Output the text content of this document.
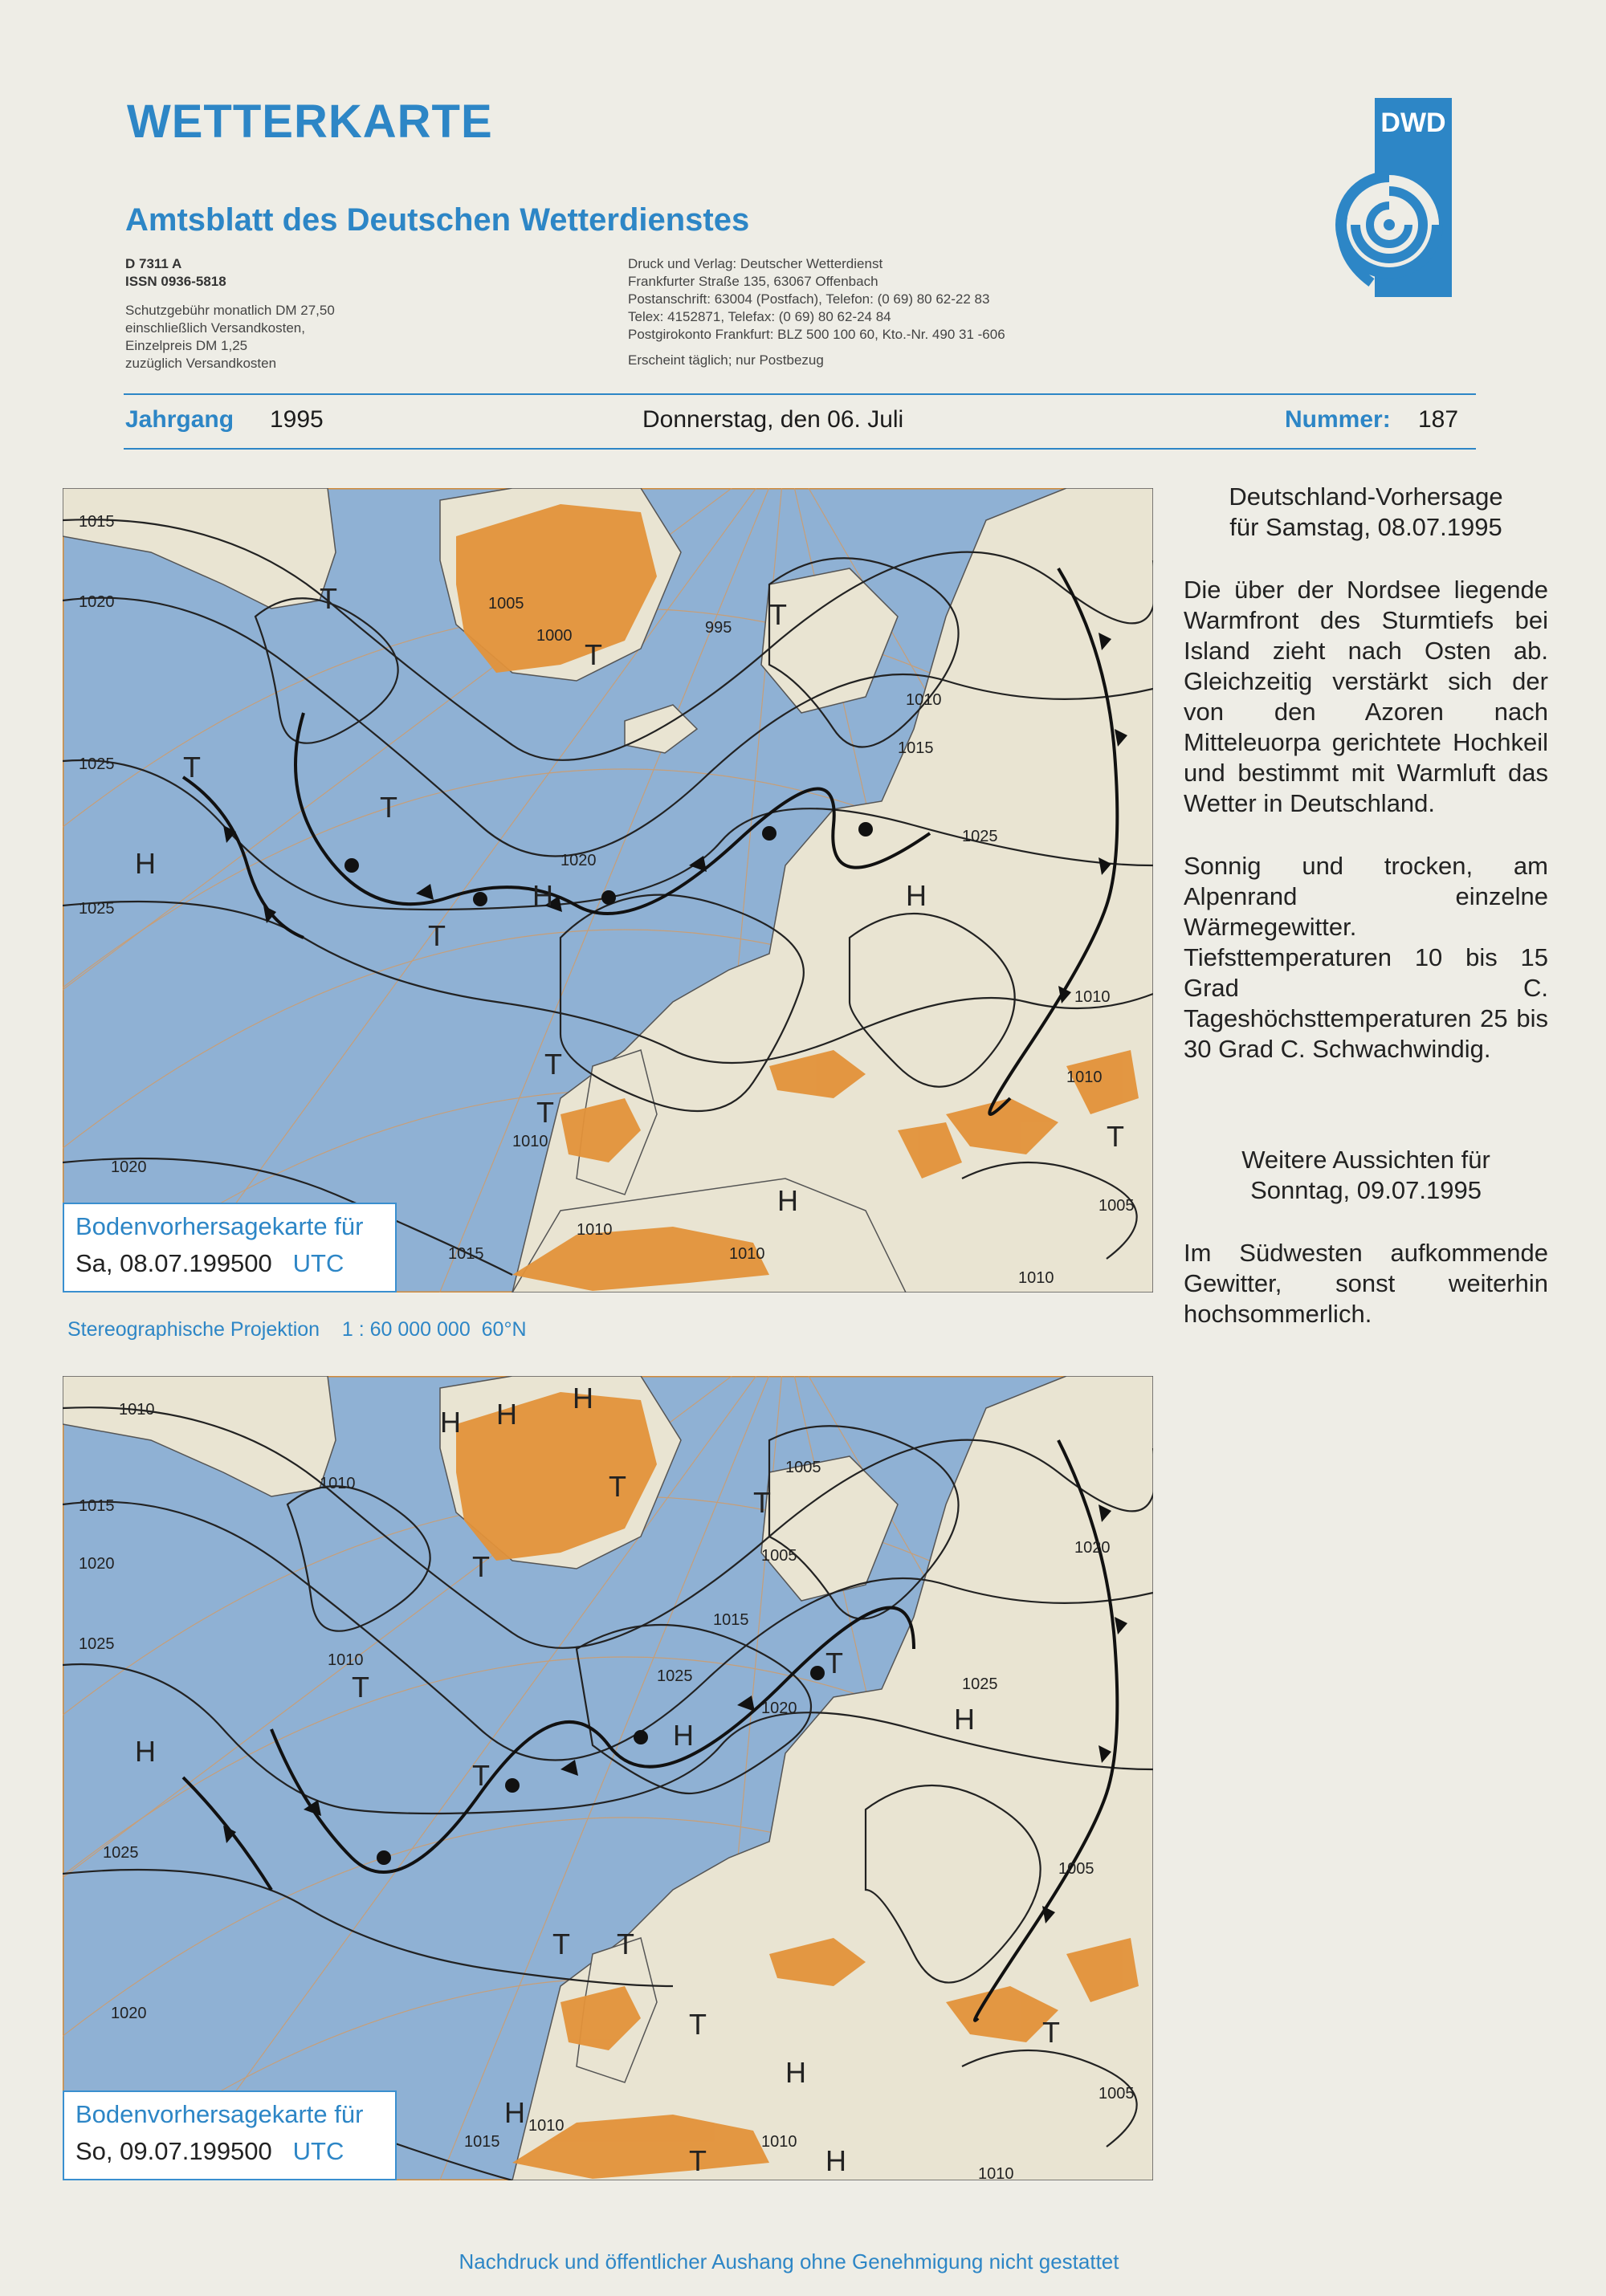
WETTERKARTE
Amtsblatt des Deutschen Wetterdienstes
D 7311 A
ISSN 0936-5818
Schutzgebühr monatlich DM 27,50
einschließlich Versandkosten,
Einzelpreis DM 1,25
zuzüglich Versandkosten
Druck und Verlag: Deutscher Wetterdienst
Frankfurter Straße 135, 63067 Offenbach
Postanschrift: 63004 (Postfach), Telefon: (0 69) 80 62-22 83
Telex: 4152871, Telefax: (0 69) 80 62-24 84
Postgirokonto Frankfurt: BLZ 500 100 60, Kto.-Nr. 490 31 -606
Erscheint täglich; nur Postbezug
DWD
Jahrgang 1995	Donnerstag, den 06. Juli	Nummer: 187
1015
1020
1025
1025
1020
1005
1000	995
1010
1015
1020
1025
1010
1010
1010
1015
1005
1010
1010
1010
T
T
T
T
T
T
T
T
T
H
H	H
H
Bodenvorhersagekarte für
Sa, 08.07.199500 UTC
Stereographische Projektion 1 : 60 000 000 60°N
1010
1015
1020
1025
1010
1005
1005
1015
1025
1020
1025
1020
1010
1025
1005
1005
1010
1015
1010
1010
1020
H H H
T	T
T
T
T
T
H	H	H
T T
T
H
H
T	H
T
Bodenvorhersagekarte für
So, 09.07.199500 UTC
Deutschland-Vorhersage
für Samstag, 08.07.1995

Die über der Nordsee liegende Warmfront des Sturmtiefs bei Island zieht nach Osten ab. Gleichzeitig verstärkt sich der von den Azoren nach Mitteleuorpa gerichtete Hochkeil und bestimmt mit Warmluft das Wetter in Deutschland.

Sonnig und trocken, am Alpenrand einzelne Wärmegewitter. Tiefsttemperaturen 10 bis 15 Grad C. Tageshöchsttemperaturen 25 bis 30 Grad C. Schwachwindig.

Weitere Aussichten für
Sonntag, 09.07.1995

Im Südwesten aufkommende Gewitter, sonst weiterhin hochsommerlich.

Nachdruck und öffentlicher Aushang ohne Genehmigung nicht gestattet
